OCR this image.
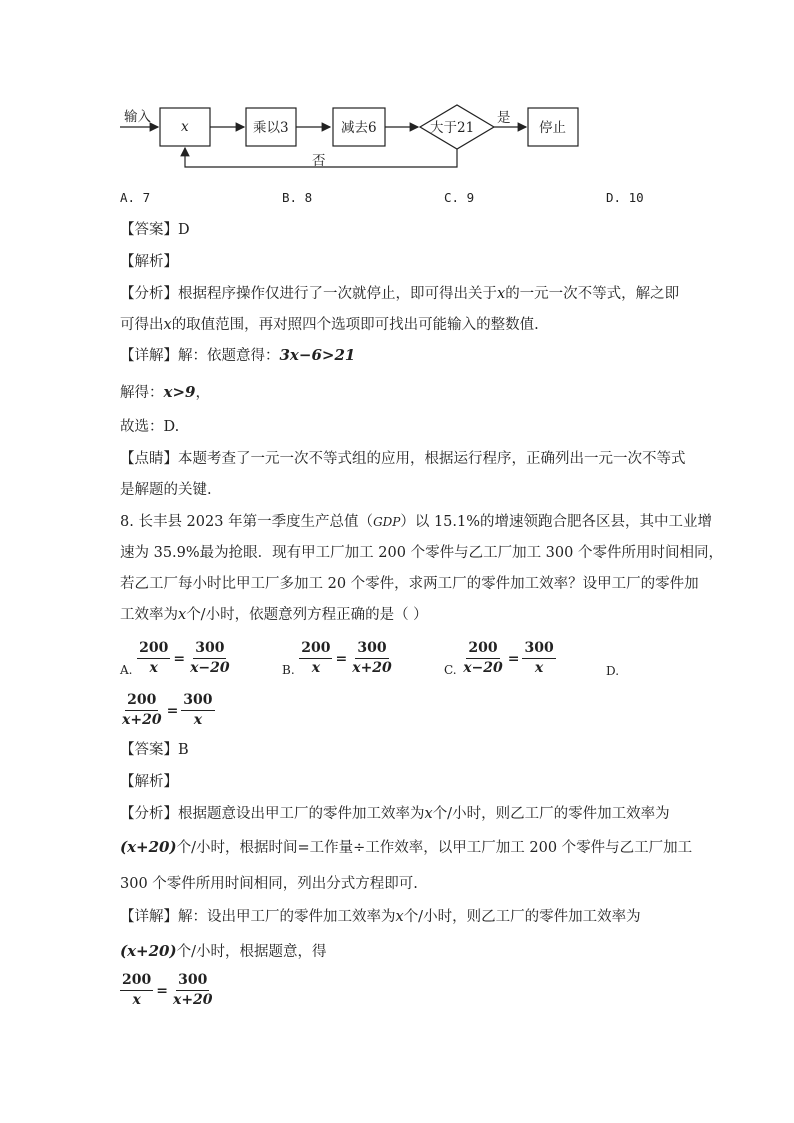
输入
x	乘以3	减去6	大于21
是
停止
否
A. 7	B. 8	C. 9	D. 10
【答案】D
【解析】
【分析】根据程序操作仅进行了一次就停止，即可得出关于x的一元一次不等式，解之即
可得出x的取值范围，再对照四个选项即可找出可能输入的整数值.
【详解】解：依题意得：3x−6>21
解得：x>9，
故选：D.
【点睛】本题考查了一元一次不等式组的应用，根据运行程序，正确列出一元一次不等式
是解题的关键.
8. 长丰县 2023 年第一季度生产总值（GDP）以 15.1%的增速领跑合肥各区县，其中工业增
速为 35.9%最为抢眼．现有甲工厂加工 200 个零件与乙工厂加工 300 个零件所用时间相同，
若乙工厂每小时比甲工厂多加工 20 个零件，求两工厂的零件加工效率？设甲工厂的零件加
工效率为x个/小时，依题意列方程正确的是（ ）
A. $\frac{200}{x} = \frac{300}{x-20}$	B. $\frac{200}{x} = \frac{300}{x+20}$	C. $\frac{200}{x-20} = \frac{300}{x}$	D.
$\frac{200}{x+20} = \frac{300}{x}$
【答案】B
【解析】
【分析】根据题意设出甲工厂的零件加工效率为x个/小时，则乙工厂的零件加工效率为
(x+20)个/小时，根据时间=工作量÷工作效率，以甲工厂加工 200 个零件与乙工厂加工
300 个零件所用时间相同，列出分式方程即可.
【详解】解：设出甲工厂的零件加工效率为x个/小时，则乙工厂的零件加工效率为
(x+20)个/小时，根据题意，得
$\frac{200}{x} = \frac{300}{x+20}$
